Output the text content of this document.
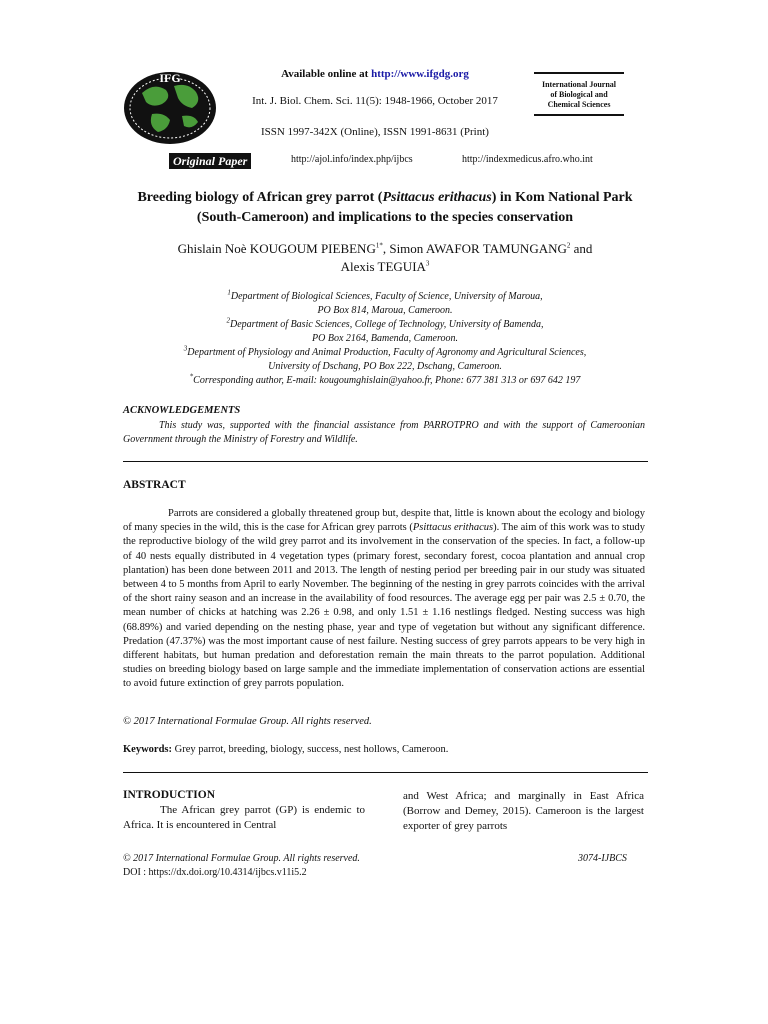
IFG	Available online at http://www.ifgdg.org
Int. J. Biol. Chem. Sci. 11(5): 1948-1966, October 2017
ISSN 1997-342X (Online), ISSN 1991-8631 (Print)
International Journal
of Biological and
Chemical Sciences
Original Paper	http://ajol.info/index.php/ijbcs	http://indexmedicus.afro.who.int
Breeding biology of African grey parrot (Psittacus erithacus) in Kom National Park (South-Cameroon) and implications to the species conservation
Ghislain Noè KOUGOUM $PIEBENG^{1*}$, Simon AWAFOR TAMUNGANG$^2$ and
Alexis TEGUIA$^3$
$^1$Department of Biological Sciences, Faculty of Science, University of Maroua,
PO Box 814, Maroua, Cameroon.
$^2$Department of Basic Sciences, College of Technology, University of Bamenda,
PO Box 2164, Bamenda, Cameroon.
$^3$Department of Physiology and Animal Production, Faculty of Agronomy and Agricultural Sciences,
University of Dschang, PO Box 222, Dschang, Cameroon.
*Corresponding author, E-mail: kougoumghislain@yahoo.fr, Phone: 677 381 313 or 697 642 197
ACKNOWLEDGEMENTS
This study was, supported with the financial assistance from PARROTPRO and with the support of Cameroonian Government through the Ministry of Forestry and Wildlife.
ABSTRACT

Parrots are considered a globally threatened group but, despite that, little is known about the ecology and biology of many species in the wild, this is the case for African grey parrots (Psittacus erithacus). The aim of this work was to study the reproductive biology of the wild grey parrot and its involvement in the conservation of the species. In fact, a follow-up of 40 nests equally distributed in 4 vegetation types (primary forest, secondary forest, cocoa plantation and annual crop plantation) has been done between 2011 and 2013. The length of nesting period per breeding pair in our study was situated between 4 to 5 months from April to early November. The beginning of the nesting in grey parrots coincides with the arrival of the short rainy season and an increase in the availability of food resources. The average egg per pair was 2.5 ± 0.70, the mean number of chicks at hatching was 2.26 ± 0.98, and only 1.51 ± 1.16 nestlings fledged. Nesting success was high (68.89%) and varied depending on the nesting phase, year and type of vegetation but without any significant difference. Predation (47.37%) was the most important cause of nest failure. Nesting success of grey parrots appears to be very high in different habitats, but human predation and deforestation remain the main threats to the parrot population. Additional studies on breeding biology based on large sample and the immediate implementation of conservation actions are essential to avoid future extinction of grey parrots population.

© 2017 International Formulae Group. All rights reserved.
Keywords: Grey parrot, breeding, biology, success, nest hollows, Cameroon.
INTRODUCTION

The African grey parrot (GP) is endemic to Africa. It is encountered in Central

and West Africa; and marginally in East Africa (Borrow and Demey, 2015). Cameroon is the largest exporter of grey parrots

© 2017 International Formulae Group. All rights reserved.	3074-IJBCS
DOI : https://dx.doi.org/10.4314/ijbcs.v11i5.2
